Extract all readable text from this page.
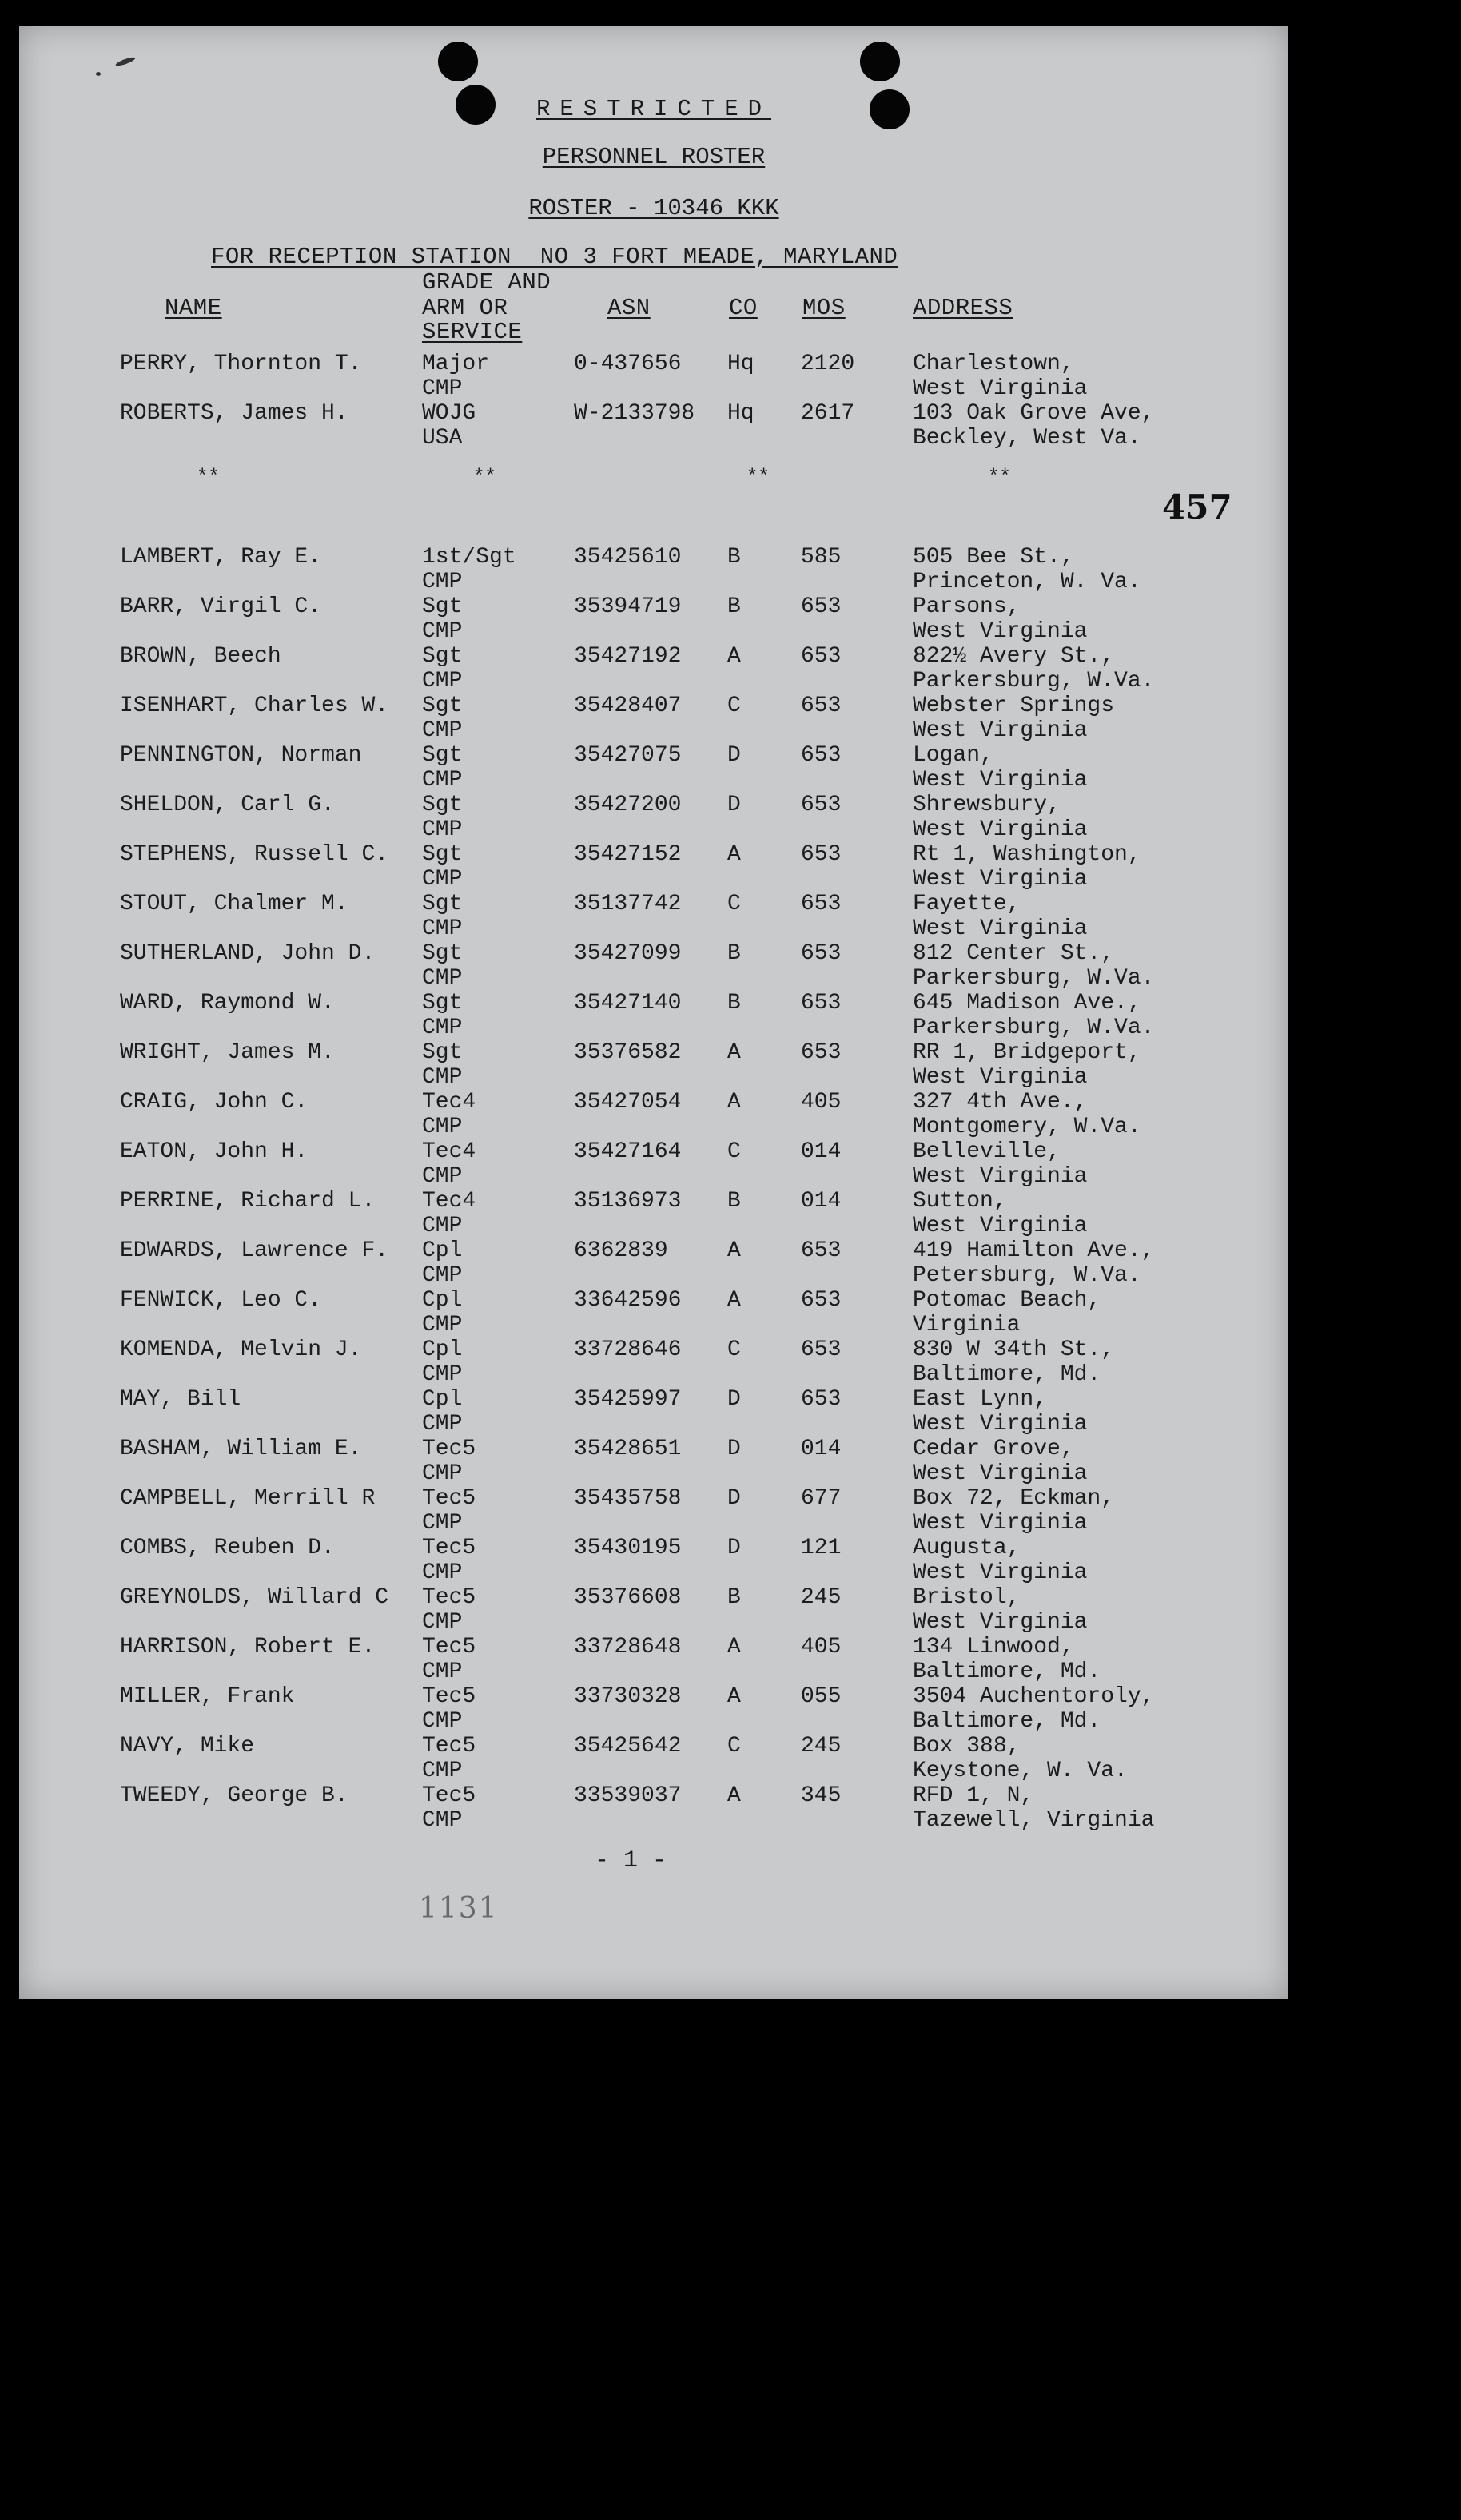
RESTRICTED
PERSONNEL ROSTER
ROSTER - 10346 KKK
FOR RECEPTION STATION  NO 3 FORT MEADE, MARYLAND
GRADE AND
NAME	ARM OR
SERVICE
ASN	CO MOS	ADDRESS
PERRY, Thornton T.	Major	0-437656 Hq 2120	Charlestown,
CMP	West Virginia
ROBERTS, James H.	WOJG	W-2133798 Hq 2617	103 Oak Grove Ave,
USA	Beckley, West Va.
**	**	**	**
457
LAMBERT, Ray E.	1st/Sgt	35425610 B	585	505 Bee St.,
CMP	Princeton, W. Va.
BARR, Virgil C.	Sgt	35394719 B	653	Parsons,
CMP	West Virginia
BROWN, Beech	Sgt	35427192 A	653	822½ Avery St.,
CMP	Parkersburg, W.Va.
ISENHART, Charles W. Sgt	35428407 C	653	Webster Springs
CMP	West Virginia
PENNINGTON, Norman	Sgt	35427075 D	653	Logan,
CMP	West Virginia
SHELDON, Carl G.	Sgt	35427200 D	653	Shrewsbury,
CMP	West Virginia
STEPHENS, Russell C. Sgt	35427152 A	653	Rt 1, Washington,
CMP	West Virginia
STOUT, Chalmer M.	Sgt	35137742 C	653	Fayette,
CMP	West Virginia
SUTHERLAND, John D. Sgt	35427099 B	653	812 Center St.,
CMP	Parkersburg, W.Va.
WARD, Raymond W.	Sgt	35427140 B	653	645 Madison Ave.,
CMP	Parkersburg, W.Va.
WRIGHT, James M.	Sgt	35376582 A	653	RR 1, Bridgeport,
CMP	West Virginia
CRAIG, John C.	Tec4	35427054 A	405	327 4th Ave.,
CMP	Montgomery, W.Va.
EATON, John H.	Tec4	35427164 C	014	Belleville,
CMP	West Virginia
PERRINE, Richard L. Tec4	35136973 B	014	Sutton,
CMP	West Virginia
EDWARDS, Lawrence F. Cpl	6362839	A	653	419 Hamilton Ave.,
CMP	Petersburg, W.Va.
FENWICK, Leo C.	Cpl	33642596 A	653	Potomac Beach,
CMP	Virginia
KOMENDA, Melvin J.	Cpl	33728646 C	653	830 W 34th St.,
CMP	Baltimore, Md.
MAY, Bill	Cpl	35425997 D	653	East Lynn,
CMP	West Virginia
BASHAM, William E.	Tec5	35428651 D	014	Cedar Grove,
CMP	West Virginia
CAMPBELL, Merrill R Tec5	35435758 D	677	Box 72, Eckman,
CMP	West Virginia
COMBS, Reuben D.	Tec5	35430195 D	121	Augusta,
CMP	West Virginia
GREYNOLDS, Willard C Tec5	35376608 B	245	Bristol,
CMP	West Virginia
HARRISON, Robert E. Tec5	33728648 A	405	134 Linwood,
CMP	Baltimore, Md.
MILLER, Frank	Tec5	33730328 A	055	3504 Auchentoroly,
CMP	Baltimore, Md.
NAVY, Mike	Tec5	35425642 C	245	Box 388,
CMP	Keystone, W. Va.
TWEEDY, George B.	Tec5	33539037 A	345	RFD 1, N,
CMP	Tazewell, Virginia
- 1 -
1131
